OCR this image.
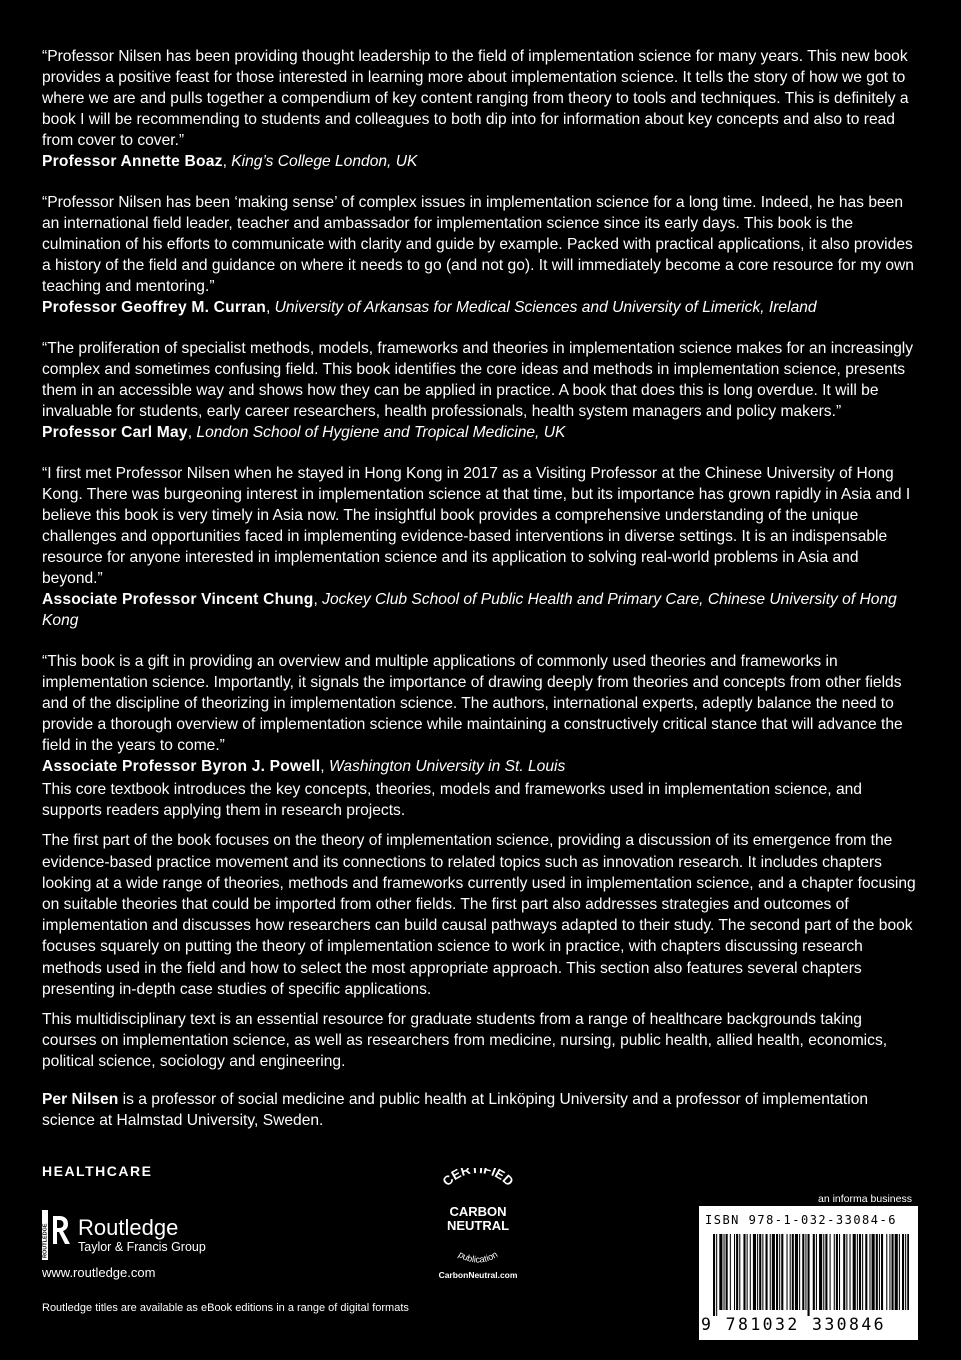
“Professor Nilsen has been providing thought leadership to the field of implementation science for many years. This new book provides a positive feast for those interested in learning more about implementation science. It tells the story of how we got to where we are and pulls together a compendium of key content ranging from theory to tools and techniques. This is definitely a book I will be recommending to students and colleagues to both dip into for information about key concepts and also to read from cover to cover.”

Professor Annette Boaz, King’s College London, UK

“Professor Nilsen has been ‘making sense’ of complex issues in implementation science for a long time. Indeed, he has been an international field leader, teacher and ambassador for implementation science since its early days. This book is the culmination of his efforts to communicate with clarity and guide by example. Packed with practical applications, it also provides a history of the field and guidance on where it needs to go (and not go). It will immediately become a core resource for my own teaching and mentoring.”

Professor Geoffrey M. Curran, University of Arkansas for Medical Sciences and University of Limerick, Ireland

“The proliferation of specialist methods, models, frameworks and theories in implementation science makes for an increasingly complex and sometimes confusing field. This book identifies the core ideas and methods in implementation science, presents them in an accessible way and shows how they can be applied in practice. A book that does this is long overdue. It will be invaluable for students, early career researchers, health professionals, health system managers and policy makers.”

Professor Carl May, London School of Hygiene and Tropical Medicine, UK

“I first met Professor Nilsen when he stayed in Hong Kong in 2017 as a Visiting Professor at the Chinese University of Hong Kong. There was burgeoning interest in implementation science at that time, but its importance has grown rapidly in Asia and I believe this book is very timely in Asia now. The insightful book provides a comprehensive understanding of the unique challenges and opportunities faced in implementing evidence-based interventions in diverse settings. It is an indispensable resource for anyone interested in implementation science and its application to solving real-world problems in Asia and beyond.”

Associate Professor Vincent Chung, Jockey Club School of Public Health and Primary Care, Chinese University of Hong Kong

“This book is a gift in providing an overview and multiple applications of commonly used theories and frameworks in implementation science. Importantly, it signals the importance of drawing deeply from theories and concepts from other fields and of the discipline of theorizing in implementation science. The authors, international experts, adeptly balance the need to provide a thorough overview of implementation science while maintaining a constructively critical stance that will advance the field in the years to come.”

Associate Professor Byron J. Powell, Washington University in St. Louis

This core textbook introduces the key concepts, theories, models and frameworks used in implementation science, and supports readers applying them in research projects.

The first part of the book focuses on the theory of implementation science, providing a discussion of its emergence from the evidence-based practice movement and its connections to related topics such as innovation research. It includes chapters looking at a wide range of theories, methods and frameworks currently used in implementation science, and a chapter focusing on suitable theories that could be imported from other fields. The first part also addresses strategies and outcomes of implementation and discusses how researchers can build causal pathways adapted to their study. The second part of the book focuses squarely on putting the theory of implementation science to work in practice, with chapters discussing research methods used in the field and how to select the most appropriate approach. This section also features several chapters presenting in-depth case studies of specific applications.

This multidisciplinary text is an essential resource for graduate students from a range of healthcare backgrounds taking courses on implementation science, as well as researchers from medicine, nursing, public health, allied health, economics, political science, sociology and engineering.

Per Nilsen is a professor of social medicine and public health at Linköping University and a professor of implementation science at Halmstad University, Sweden.

HEALTHCARE
ROUTLEDGE Routledge
Taylor & Francis Group
www.routledge.com
Routledge titles are available as eBook editions in a range of digital formats
CERTIFIED
CARBON
NEUTRAL
publication
CarbonNeutral.com
an informa business
ISBN 978-1-032-33084-6
9 781032 330846
